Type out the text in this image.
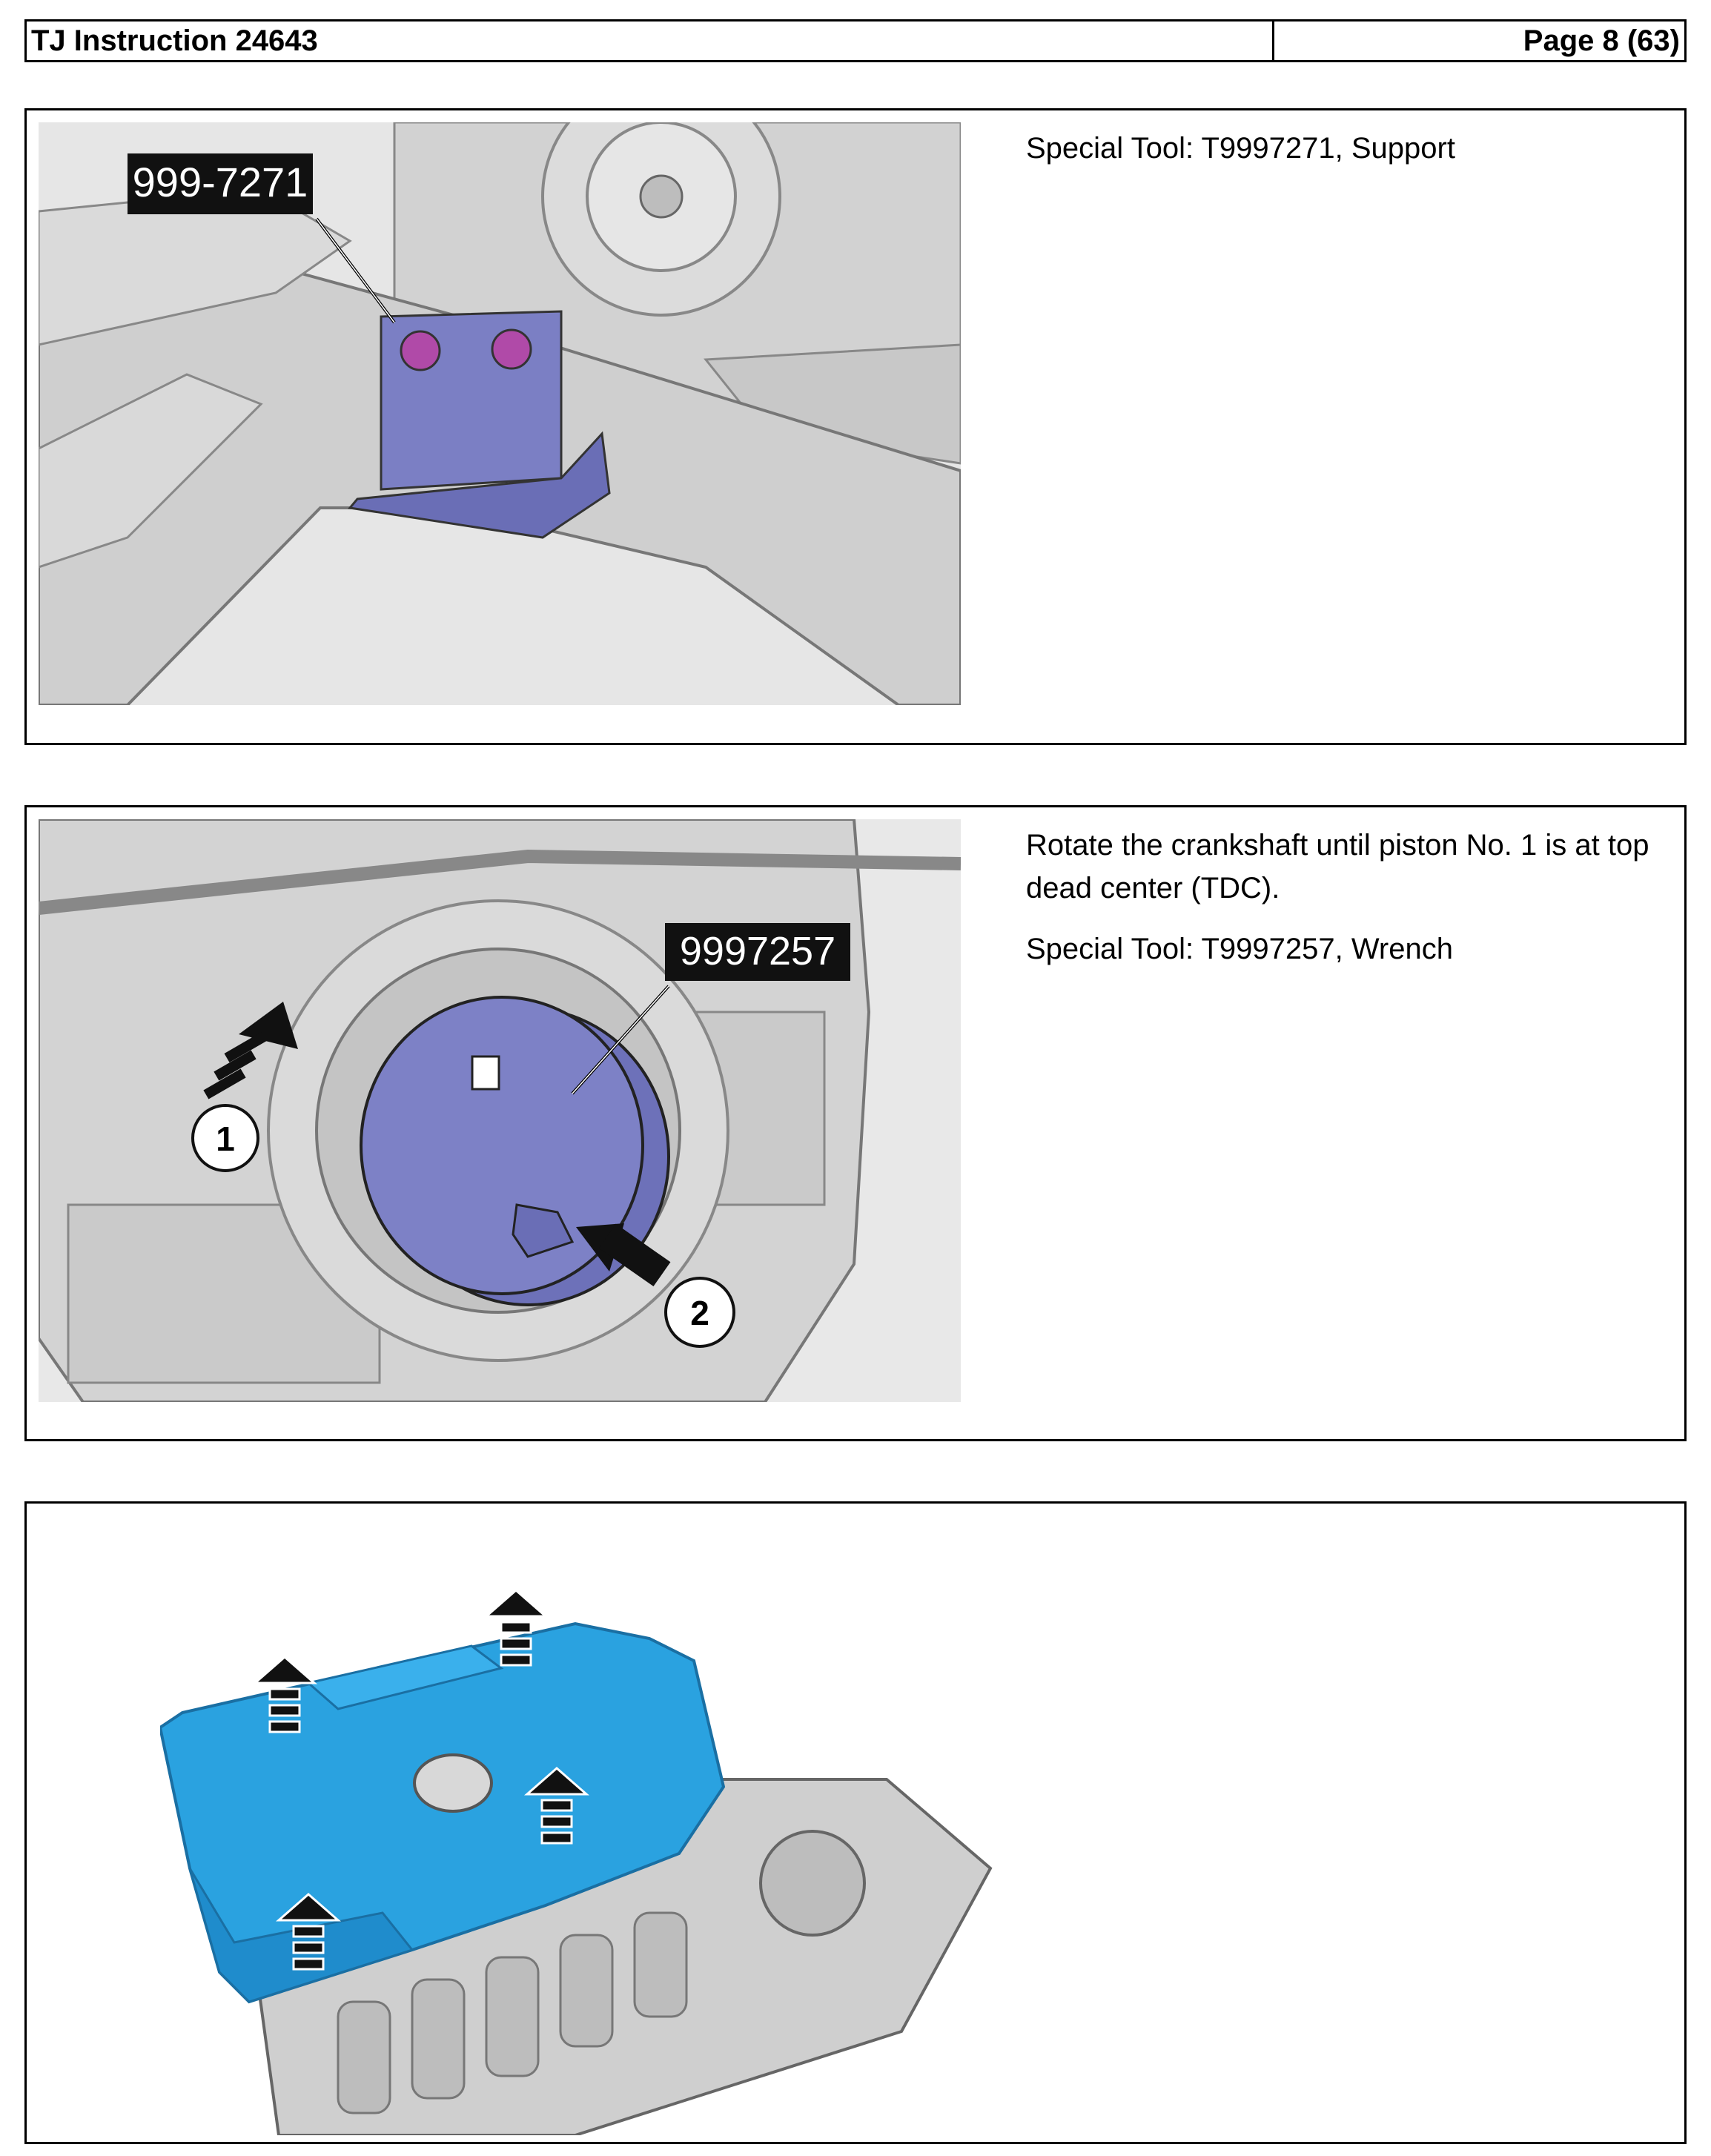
TJ Instruction 24643	Page 8 (63)
999-7271

Special Tool: T9997271, Support

9997257
1
2

Rotate the crankshaft until piston No. 1 is at top dead center (TDC).

Special Tool: T9997257, Wrench
